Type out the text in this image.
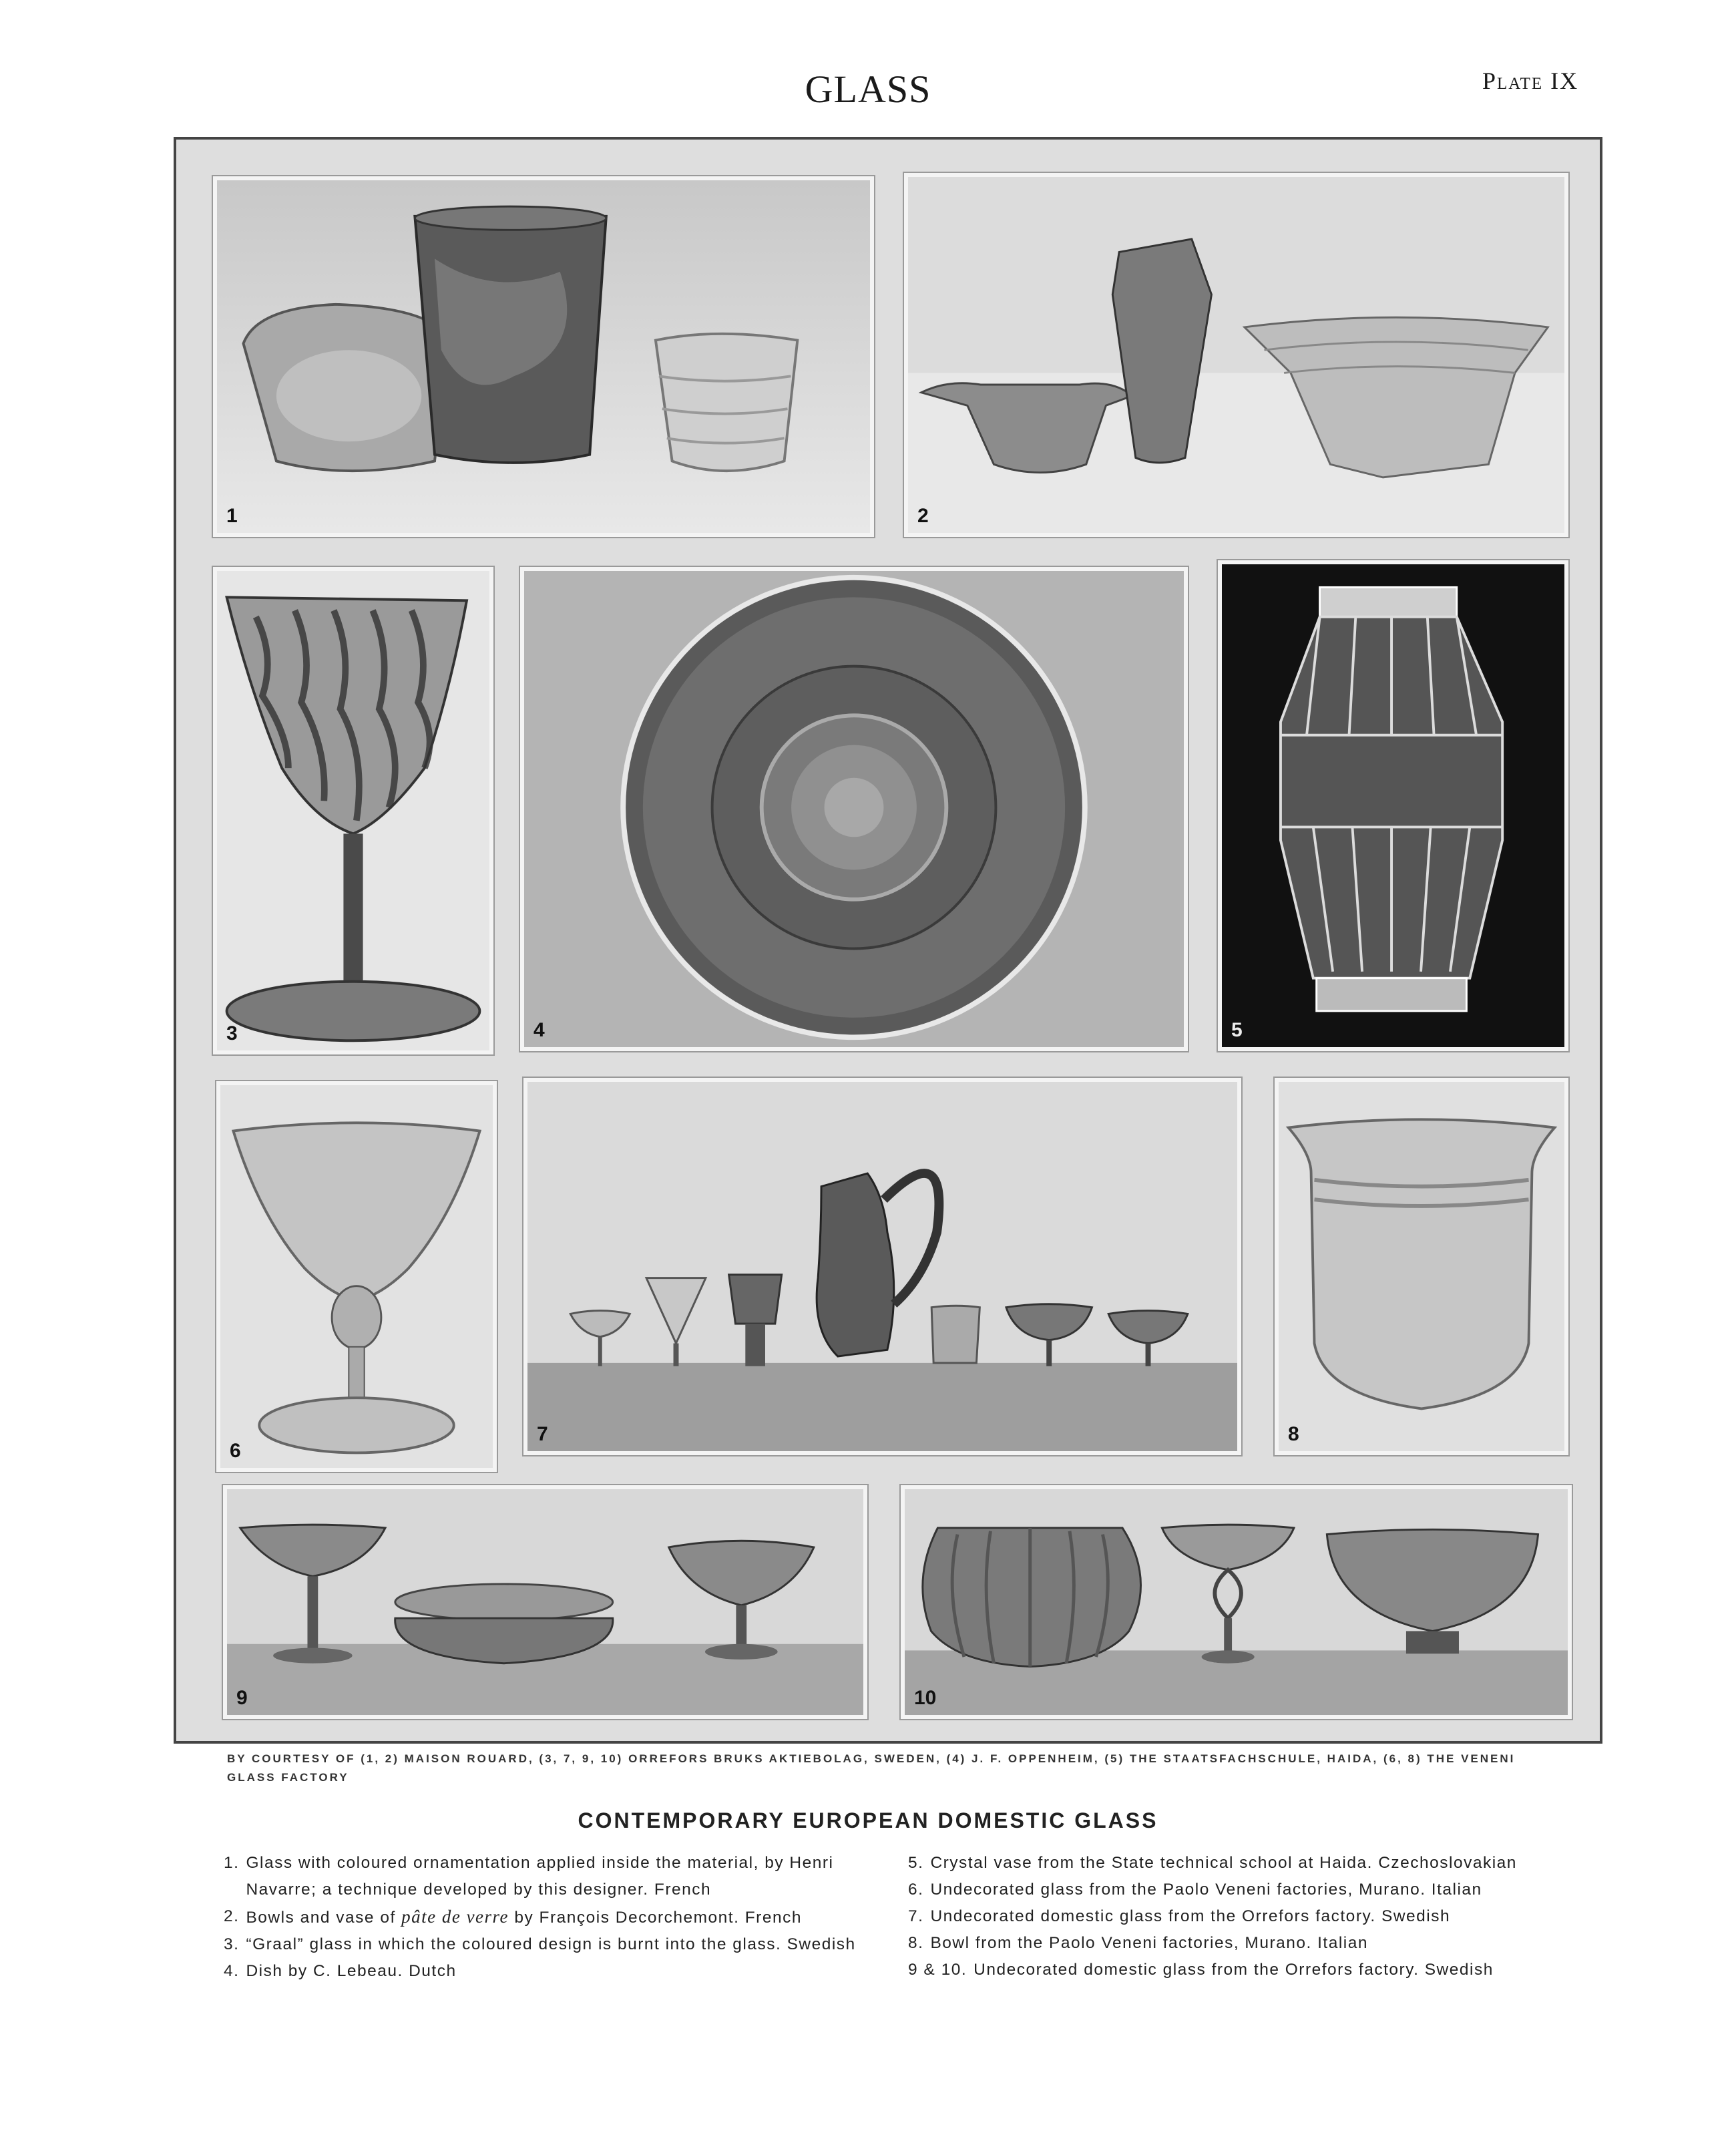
GLASS	Plate IX
1	2
3	4	5
6
7	8
9	10
BY COURTESY OF (1, 2) MAISON ROUARD, (3, 7, 9, 10) ORREFORS BRUKS AKTIEBOLAG, SWEDEN, (4) J. F. OPPENHEIM, (5) THE STAATSFACHSCHULE, HAIDA, (6, 8) THE VENENI GLASS FACTORY
CONTEMPORARY EUROPEAN DOMESTIC GLASS
1. Glass with coloured ornamentation applied inside the material, by Henri Navarre; a technique developed by this designer. French
2. Bowls and vase of pâte de verre by François Decorchemont. French
3. “Graal” glass in which the coloured design is burnt into the glass. Swedish
4. Dish by C. Lebeau. Dutch
5. Crystal vase from the State technical school at Haida. Czechoslovakian
6. Undecorated glass from the Paolo Veneni factories, Murano. Italian
7. Undecorated domestic glass from the Orrefors factory. Swedish
8. Bowl from the Paolo Veneni factories, Murano. Italian
9 & 10. Undecorated domestic glass from the Orrefors factory. Swedish
